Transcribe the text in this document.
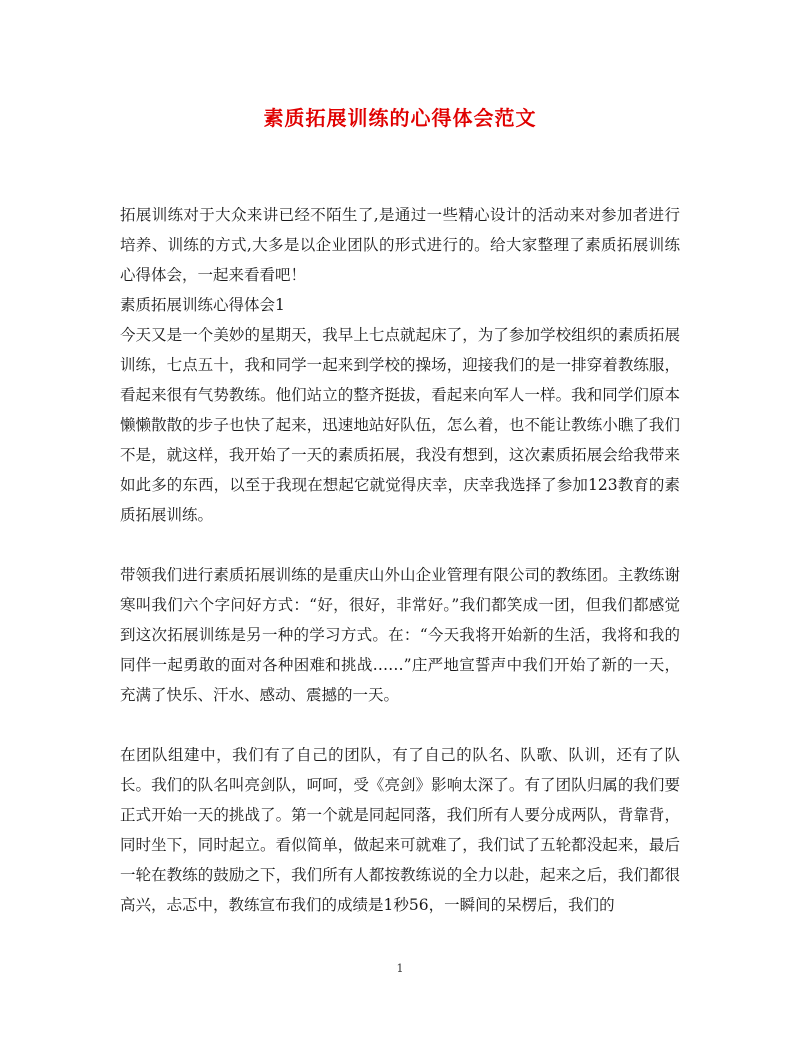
素质拓展训练的心得体会范文

拓展训练对于大众来讲已经不陌生了,是通过一些精心设计的活动来对参加者进行培养、训练的方式,大多是以企业团队的形式进行的。给大家整理了素质拓展训练心得体会，一起来看看吧！

素质拓展训练心得体会1

今天又是一个美妙的星期天，我早上七点就起床了，为了参加学校组织的素质拓展训练，七点五十，我和同学一起来到学校的操场，迎接我们的是一排穿着教练服，看起来很有气势教练。他们站立的整齐挺拔，看起来向军人一样。我和同学们原本懒懒散散的步子也快了起来，迅速地站好队伍，怎么着，也不能让教练小瞧了我们不是，就这样，我开始了一天的素质拓展，我没有想到，这次素质拓展会给我带来如此多的东西，以至于我现在想起它就觉得庆幸，庆幸我选择了参加123教育的素质拓展训练。

带领我们进行素质拓展训练的是重庆山外山企业管理有限公司的教练团。主教练谢寒叫我们六个字问好方式：“好，很好，非常好。”我们都笑成一团，但我们都感觉到这次拓展训练是另一种的学习方式。在：“今天我将开始新的生活，我将和我的同伴一起勇敢的面对各种困难和挑战……”庄严地宣誓声中我们开始了新的一天，充满了快乐、汗水、感动、震撼的一天。

在团队组建中，我们有了自己的团队，有了自己的队名、队歌、队训，还有了队长。我们的队名叫亮剑队，呵呵，受《亮剑》影响太深了。有了团队归属的我们要正式开始一天的挑战了。第一个就是同起同落，我们所有人要分成两队，背靠背，同时坐下，同时起立。看似简单，做起来可就难了，我们试了五轮都没起来，最后一轮在教练的鼓励之下，我们所有人都按教练说的全力以赴，起来之后，我们都很高兴，忐忑中，教练宣布我们的成绩是1秒56，一瞬间的呆楞后，我们的

1
